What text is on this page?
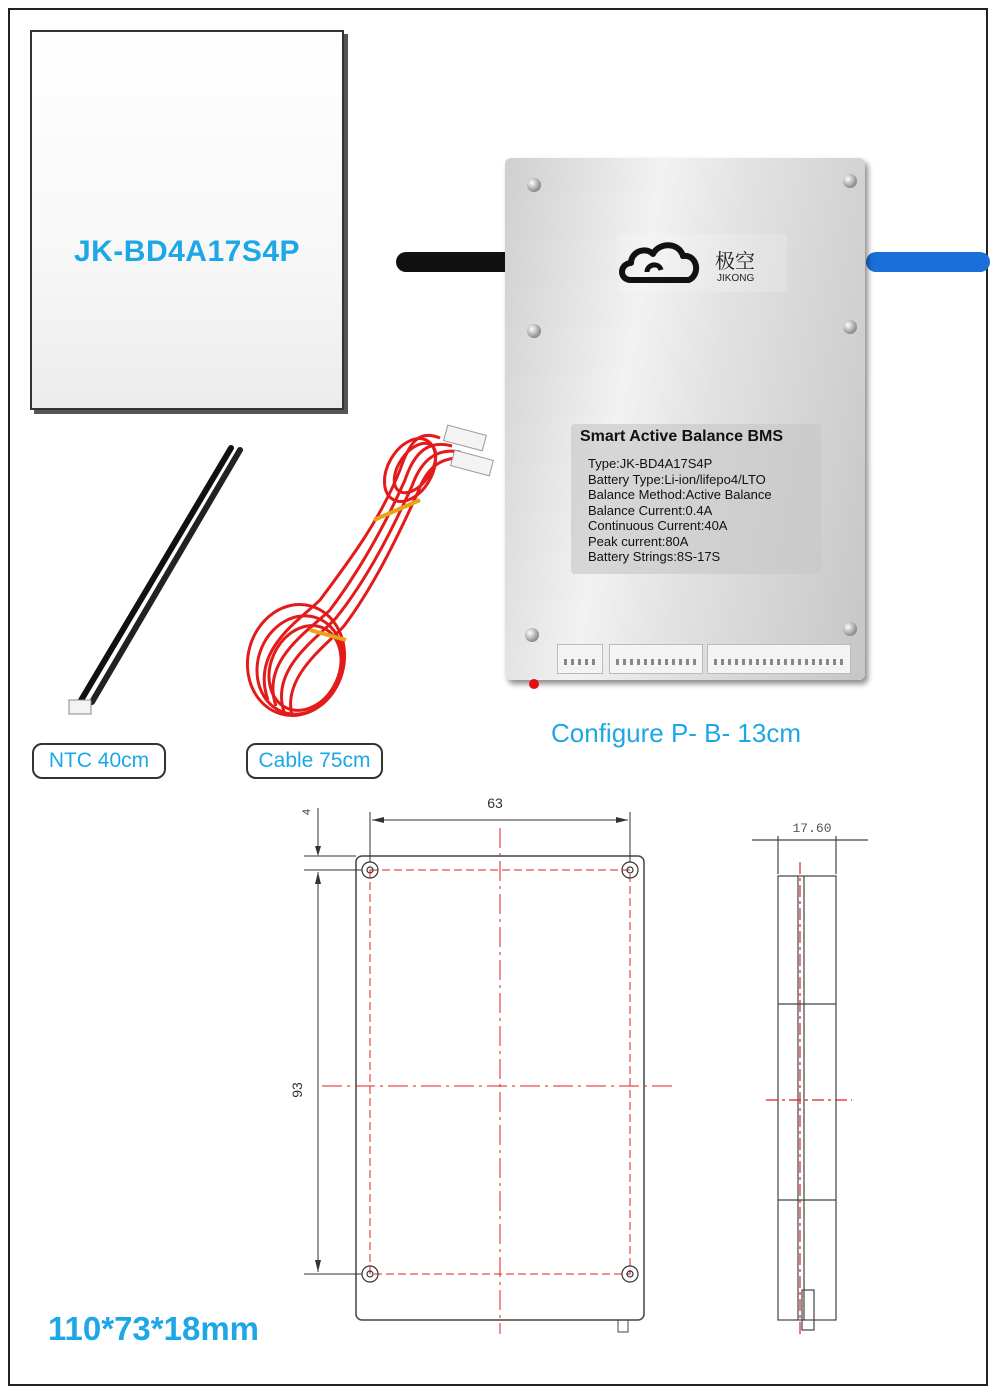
JK-BD4A17S4P	极空
JIKONG
Smart Active Balance BMS
Type:JK-BD4A17S4P
Battery Type:Li-ion/lifepo4/LTO
Balance Method:Active Balance
Balance Current:0.4A
Continuous Current:40A
Peak current:80A
Battery Strings:8S-17S
Configure P- B- 13cm
63
93
4
17.60
NTC 40cm	Cable 75cm
110*73*18mm
